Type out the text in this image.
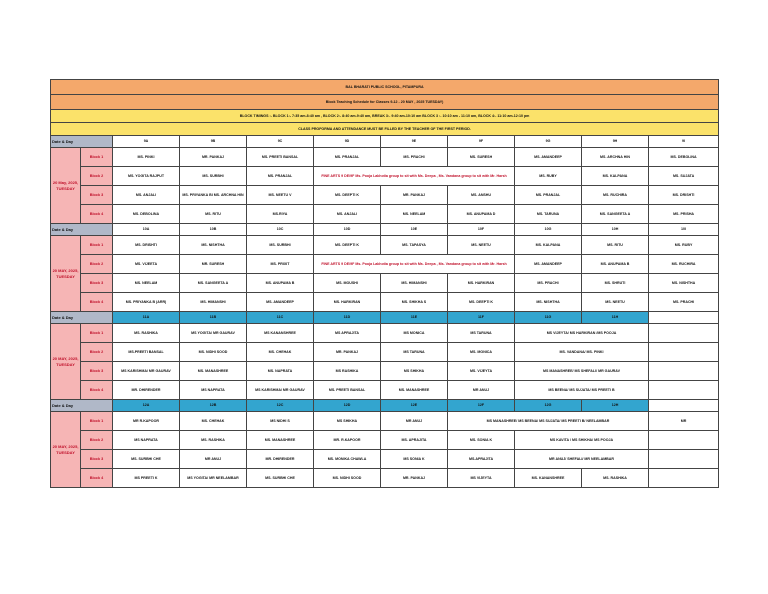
BAL BHARATI PUBLIC SCHOOL, PITAMPURA										
Block Teaching Schedule for Classes 9-12 - 20 MAY , 2025 TUESDAY)										
BLOCK TIMINGS :- BLOCK 1:- 7:35 am-8:40 am , BLOCK 2:- 8:40 am-9:40 am, BREAK 3:- 9:40 am-10:10 am BLOCK 3 :- 10:10 am - 11:10 am, BLOCK 4:- 11:10 am-12:10 pm										
CLASS PROFORMA AND ATTENDANCE MUST BE FILLED BY THE TEACHER OF THE FIRST PERIOD.										
Date & Day		9A	9B	9C	9D	9E	9F	9G	9H	9I
20 May, 2025, TUESDAY	Block 1	MS. PINKI	MR. PANKAJ	MS. PREETI BANSAL	MS. PRANJAL	MS. PRACHI	MS. SURESH	MS. AMANDEEP	MS. ARCHNA HIN	MS. DEBOLINA
	Block 2	MS. YOGITA RAJPUT	MS. SURBHI	MS. PRANJAL	FINE ARTS 9 DE/9F Ms. Pooja Lakhotia group to sit with Ms. Deepa , Ms. Vandana group to sit with Mr. Harsh			MS. RUBY	MS. KALPANA	MS. SUJATA
	Block 3	MS. ANJALI	MS. PRIYANKA BI MS. ARCHNA HIN	MS. NEETU V	MS. DEEPTI K	MR. PANKAJ	MS. ANSHU	MS. PRANJAL	MS. RUCHIRA	MS. DRISHTI
	Block 4	MS. DEBOLINA	MS. RITU	MS.RIYA	MS. ANJALI	MS. NEELAM	MS. ANUPAMA D	MS. TARUNA	MS. SANGEETA A	MS. PRISHA
Date & Day		10A	10B	10C	10D	10E	10F	10G	10H	10I
20 MAY, 2025, TUESDAY	Block 1	MS. DRISHTI	MS. NISHTHA	MS. SURBHI	MS. DEEPTI K	MS. TAPASYA	MS. NEETU	MS. KALPANA	MS. RITU	MS. RUBY
	Block 2	MS. VIJEETA	MR. SURESH	MS. PRIXIT	FINE ARTS 9 DE/9F Ms. Pooja Lakhotia group to sit with Ms. Deepa , Ms. Vandana group to sit with Mr. Harsh			MS. AMANDEEP	MS. ANUPAMA B	MS. RUCHIRA
	Block 3	MS. NEELAM	MS. SANGEETA A	MS. ANUPAMA B	MS. MOUSHI	MS. HIMANSHI	MS. HARKIRAN	MS. PRACHI	MS. SHRUTI	MS. NISHTHA
	Block 4	MS. PRIYANKA B (ARR)	MS. HIMANSHI	MS. AMANDEEP	MS. HARKIRAN	MS. SHIKHA S	MS. DEEPTI K	MS. NISHTHA	MS. NEETU	MS. PRACHI
Date & Day		11A	11B	11C	11D	11E	11F	11G	11H	
20 MAY, 2025, TUESDAY	Block 1	MS. RASHIKA	MS YOGITA/ MR GAURAV	MS KANANSHREE	MS APRAJITA	MS MONICA	MS TARUNA	MS VIJEYTA/ MS HARKIRAN /MS POOJA		
	Block 2	MS.PREETI BANSAL	MS. NIDHI SOOD	MS. CHEHAK	MR. PANKAJ	MS TARUNA	MS. MONICA	MS. VANDANA/ MS. PINKI		
	Block 3	MS KARISHMA/ MR GAURAV	MS. MANASHREE	MS. NAPRATA	MS RASHIKA	MS SHIKHA	MS. VIJEYTA	MS MANASHREE/ MS SHEFALI/ MR GAURAV		
	Block 4	MR. DHIRENDER	MS NAPRATA	MS KARISHMA/ MR GAURAV	MS. PREETI BANSAL	MS. MANASHREE	MR ANUJ	MS BEENA/ MS SUJATA/ MS PREETI B		
Date & Day		12A	12B	12C	12D	12E	12F	12G	12H	
20 MAY, 2025, TUESDAY	Block 1	MR R.KAPOOR	MS. CHEHAK	MS NIDHI S	MS SHIKHA	MR ANUJ	MS MANASHREE/ MS BEENA/ MS SUJATA/ MS PREETI B/ NEELAMBAR			MR
	Block 2	MS NAPRATA	MS. RASHIKA	MS. MANASHREE	MR. R.KAPOOR	MS. APRAJITA	MS. SONIA K	MS KAVITA / MS SHIKHA/ MS POOJA		
	Block 3	MS. SURBHI CHE	MR ANUJ	MR. DHIRENDER	MS. MONIKA CHAWLA	MS SONIA K	MS.APRAJITA	MR ANUJ/ SHEFALI/ MR NEELAMBAR		
	Block 4	MS PREETI K	MS YOGITA/ MR NEELAMBAR	MS. SURBHI CHE	MS. NIDHI SOOD	MR. PANKAJ	MS VIJEYTA	MS. KANANSHREE	MS. RASHIKA	
